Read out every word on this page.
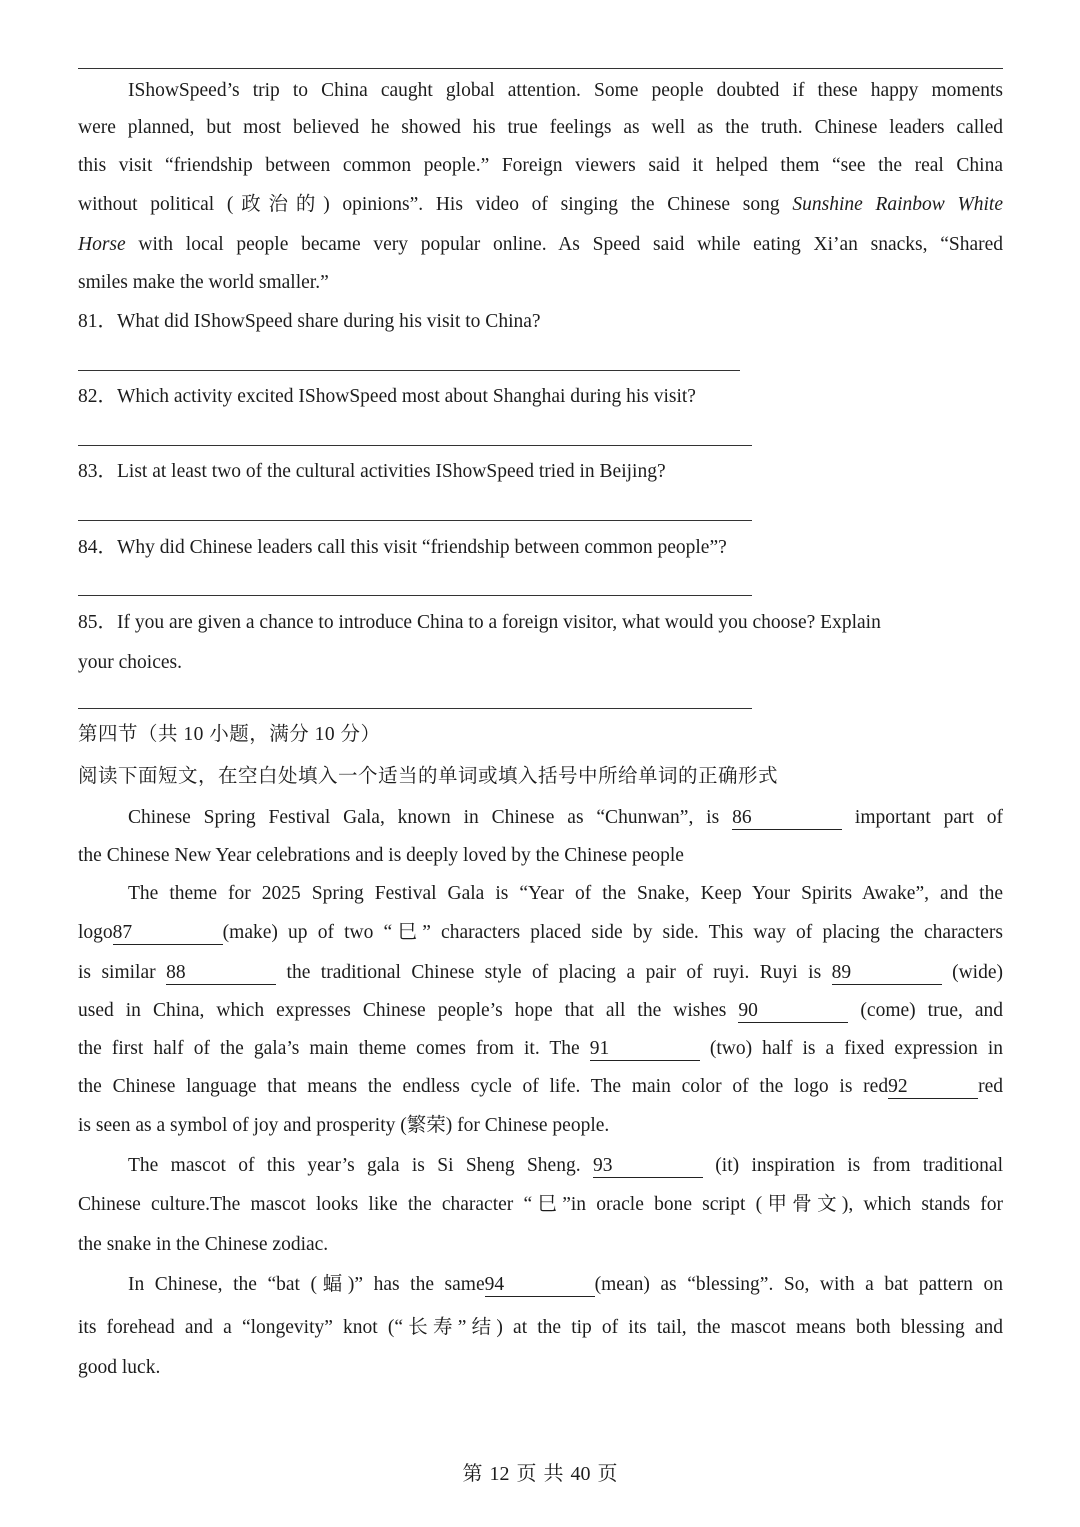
IShowSpeed’s trip to China caught global attention. Some people doubted if these happy moments
were planned, but most believed he showed his true feelings as well as the truth. Chinese leaders called
this visit “friendship between common people.” Foreign viewers said it helped them “see the real China
without political (政治的) opinions”. His video of singing the Chinese song Sunshine Rainbow White
Horse with local people became very popular online. As Speed said while eating Xi’an snacks, “Shared
smiles make the world smaller.”
81．What did IShowSpeed share during his visit to China?
82．Which activity excited IShowSpeed most about Shanghai during his visit?
83．List at least two of the cultural activities IShowSpeed tried in Beijing?
84．Why did Chinese leaders call this visit “friendship between common people”?
85．If you are given a chance to introduce China to a foreign visitor, what would you choose? Explain
your choices.
第四节（共 10 小题，满分 10 分）
阅读下面短文，在空白处填入一个适当的单词或填入括号中所给单词的正确形式
Chinese Spring Festival Gala, known in Chinese as “Chunwan”, is 86	important part of
the Chinese New Year celebrations and is deeply loved by the Chinese people
The theme for 2025 Spring Festival Gala is “Year of the Snake, Keep Your Spirits Awake”, and the
logo87	(make) up of two “巳” characters placed side by side. This way of placing the characters
is similar 88	the traditional Chinese style of placing a pair of ruyi. Ruyi is 89	(wide)
used in China, which expresses Chinese people’s hope that all the wishes 90	(come) true, and
the first half of the gala’s main theme comes from it. The 91	(two) half is a fixed expression in
the Chinese language that means the endless cycle of life. The main color of the logo is red92	red
is seen as a symbol of joy and prosperity (繁荣) for Chinese people.
The mascot of this year’s gala is Si Sheng Sheng. 93	(it) inspiration is from traditional
Chinese culture.The mascot looks like the character “巳”in oracle bone script (甲骨文), which stands for
the snake in the Chinese zodiac.
In Chinese, the “bat (蝠)” has the same94	(mean) as “blessing”. So, with a bat pattern on
its forehead and a “longevity” knot (“长寿”结) at the tip of its tail, the mascot means both blessing and
good luck.
第 12 页 共 40 页
